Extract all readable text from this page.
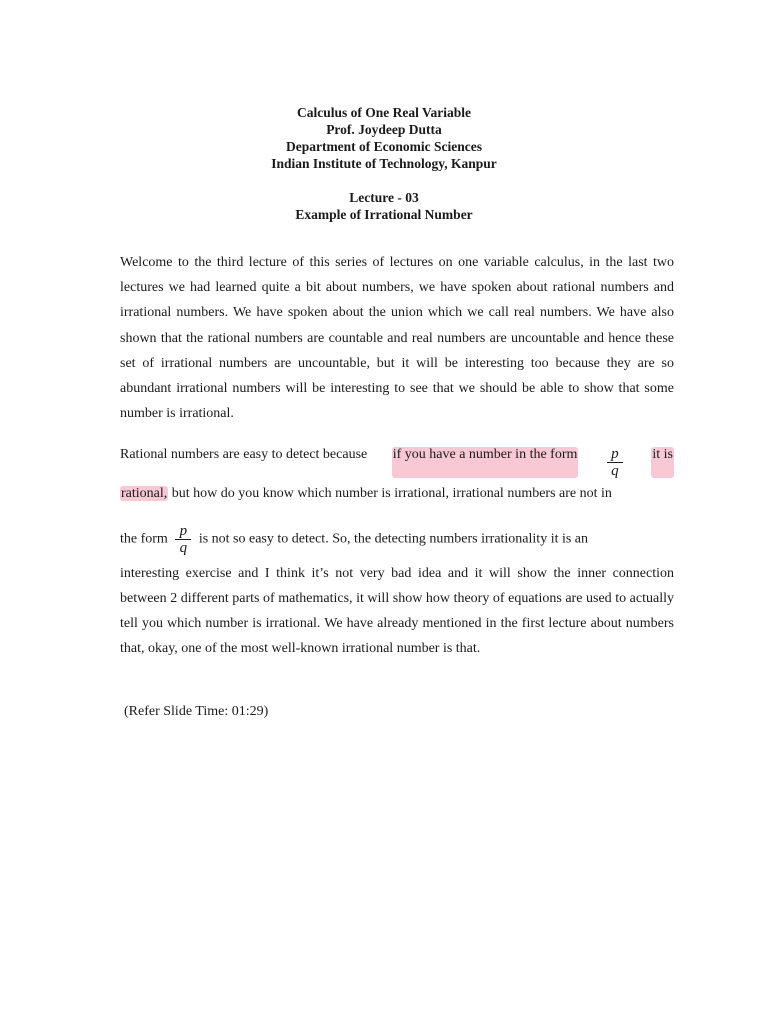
Calculus of One Real Variable
Prof. Joydeep Dutta
Department of Economic Sciences
Indian Institute of Technology, Kanpur
Lecture - 03
Example of Irrational Number
Welcome to the third lecture of this series of lectures on one variable calculus, in the last two lectures we had learned quite a bit about numbers, we have spoken about rational numbers and irrational numbers. We have spoken about the union which we call real numbers. We have also shown that the rational numbers are countable and real numbers are uncountable and hence these set of irrational numbers are uncountable, but it will be interesting too because they are so abundant irrational numbers will be interesting to see that we should be able to show that some number is irrational.
Rational numbers are easy to detect because if you have a number in the form $\frac{p}{q}$ it is
rational, but how do you know which number is irrational, irrational numbers are not in
the form $\frac{p}{q}$ is not so easy to detect. So, the detecting numbers irrationality it is an
interesting exercise and I think it’s not very bad idea and it will show the inner connection between 2 different parts of mathematics, it will show how theory of equations are used to actually tell you which number is irrational. We have already mentioned in the first lecture about numbers that, okay, one of the most well-known irrational number is that.
(Refer Slide Time: 01:29)
